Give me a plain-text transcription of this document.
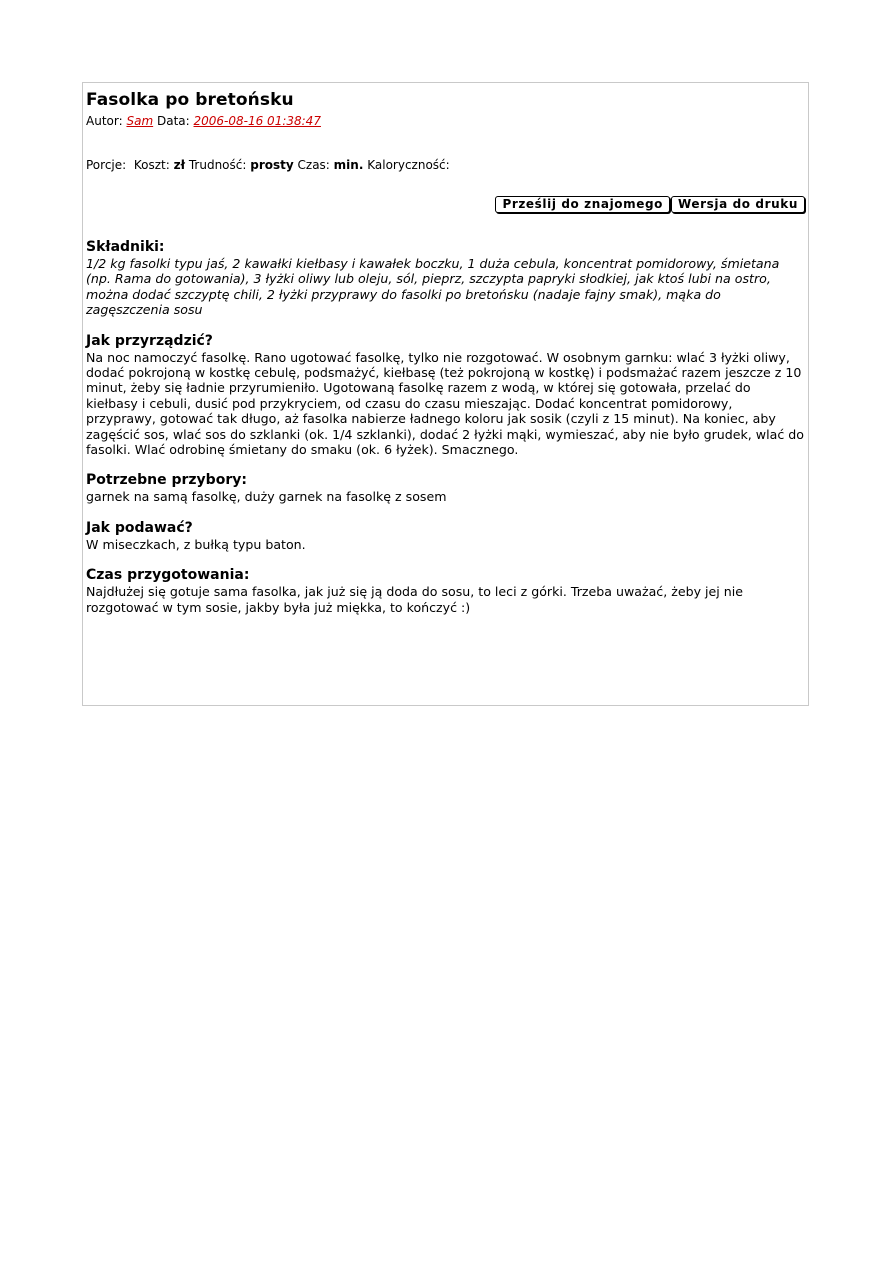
Fasolka po bretońsku
Autor: Sam Data: 2006-08-16 01:38:47
Porcje: Koszt: zł Trudność: prosty Czas: min. Kaloryczność:
Prześlij do znajomego Wersja do druku
Składniki:
1/2 kg fasolki typu jaś, 2 kawałki kiełbasy i kawałek boczku, 1 duża cebula, koncentrat pomidorowy, śmietana (np. Rama do gotowania), 3 łyżki oliwy lub oleju, sól, pieprz, szczypta papryki słodkiej, jak ktoś lubi na ostro, można dodać szczyptę chili, 2 łyżki przyprawy do fasolki po bretońsku (nadaje fajny smak), mąka do zagęszczenia sosu
Jak przyrządzić?
Na noc namoczyć fasolkę. Rano ugotować fasolkę, tylko nie rozgotować. W osobnym garnku: wlać 3 łyżki oliwy, dodać pokrojoną w kostkę cebulę, podsmażyć, kiełbasę (też pokrojoną w kostkę) i podsmażać razem jeszcze z 10 minut, żeby się ładnie przyrumieniło. Ugotowaną fasolkę razem z wodą, w której się gotowała, przelać do kiełbasy i cebuli, dusić pod przykryciem, od czasu do czasu mieszając. Dodać koncentrat pomidorowy, przyprawy, gotować tak długo, aż fasolka nabierze ładnego koloru jak sosik (czyli z 15 minut). Na koniec, aby zagęścić sos, wlać sos do szklanki (ok. 1/4 szklanki), dodać 2 łyżki mąki, wymieszać, aby nie było grudek, wlać do fasolki. Wlać odrobinę śmietany do smaku (ok. 6 łyżek). Smacznego.
Potrzebne przybory:
garnek na samą fasolkę, duży garnek na fasolkę z sosem
Jak podawać?
W miseczkach, z bułką typu baton.
Czas przygotowania:
Najdłużej się gotuje sama fasolka, jak już się ją doda do sosu, to leci z górki. Trzeba uważać, żeby jej nie rozgotować w tym sosie, jakby była już miękka, to kończyć :)
